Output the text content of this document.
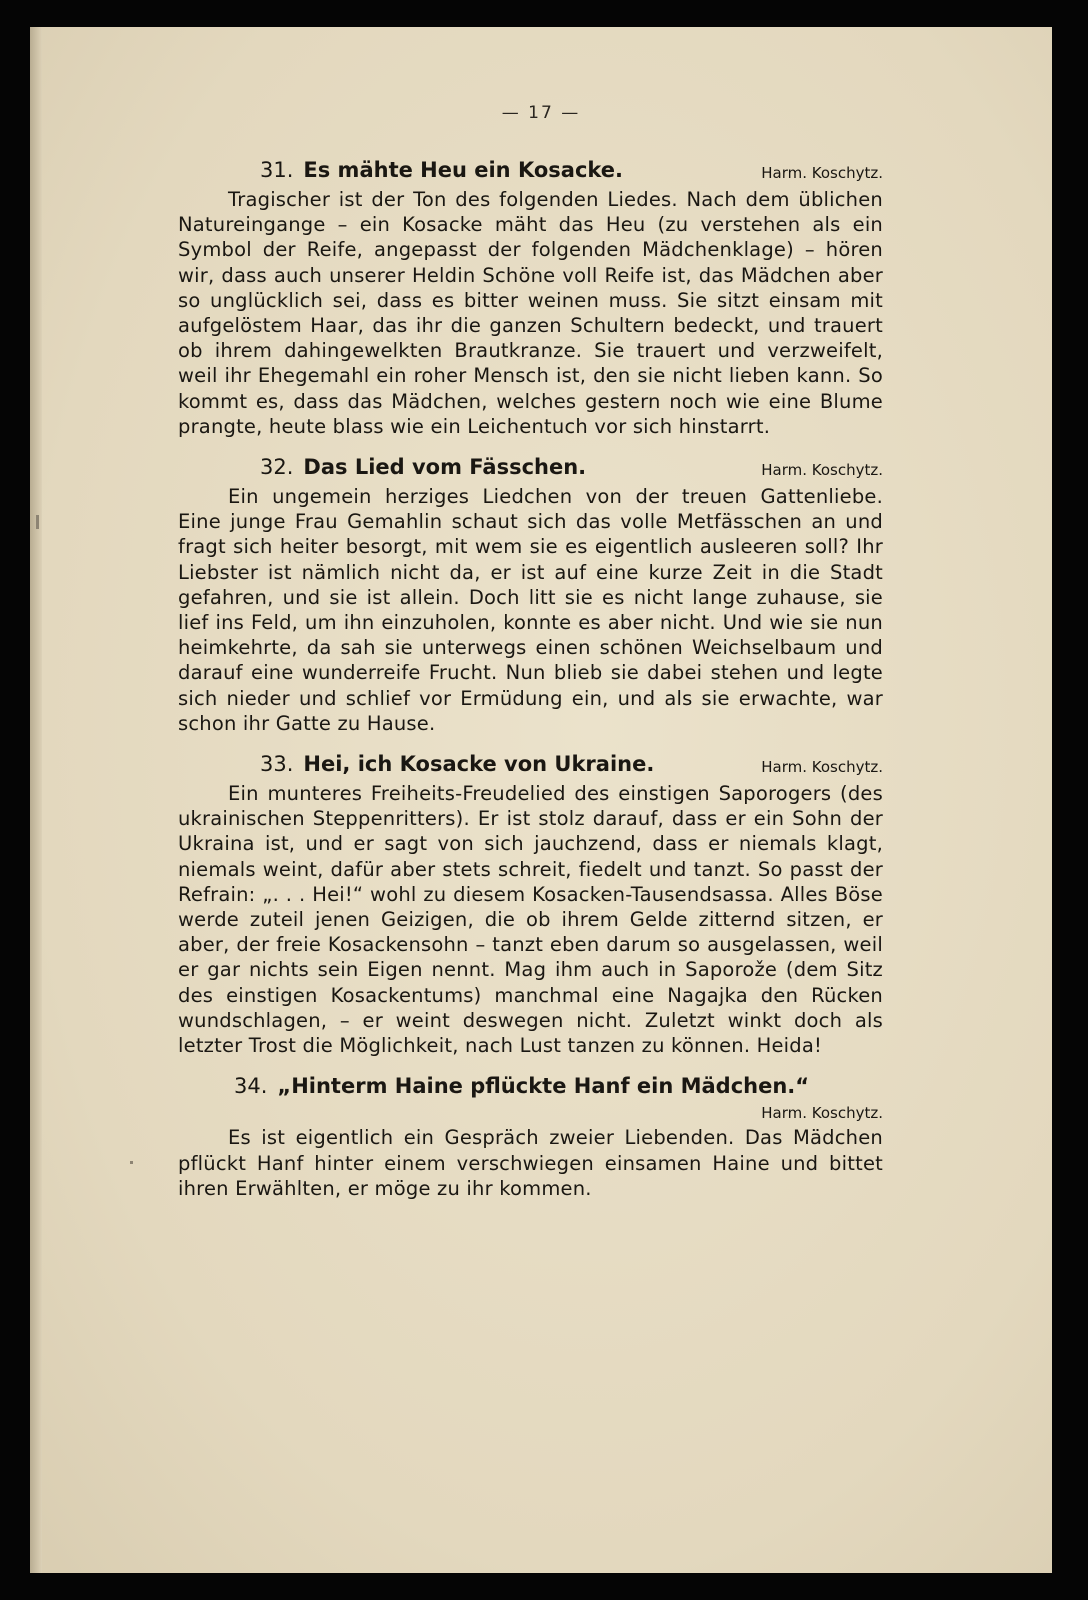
— 17 —
31. Es mähte Heu ein Kosacke.	Harm. Koschytz.

Tragischer ist der Ton des folgenden Liedes. Nach dem üblichen Natureingange – ein Kosacke mäht das Heu (zu verstehen als ein Symbol der Reife, angepasst der folgenden Mädchenklage) – hören wir, dass auch unserer Heldin Schöne voll Reife ist, das Mädchen aber so unglücklich sei, dass es bitter weinen muss. Sie sitzt einsam mit aufgelöstem Haar, das ihr die ganzen Schultern bedeckt, und trauert ob ihrem dahingewelkten Brautkranze. Sie trauert und verzweifelt, weil ihr Ehegemahl ein roher Mensch ist, den sie nicht lieben kann. So kommt es, dass das Mädchen, welches gestern noch wie eine Blume prangte, heute blass wie ein Leichentuch vor sich hinstarrt.

32. Das Lied vom Fässchen.	Harm. Koschytz.

Ein ungemein herziges Liedchen von der treuen Gattenliebe. Eine junge Frau Gemahlin schaut sich das volle Metfässchen an und fragt sich heiter besorgt, mit wem sie es eigentlich ausleeren soll? Ihr Liebster ist nämlich nicht da, er ist auf eine kurze Zeit in die Stadt gefahren, und sie ist allein. Doch litt sie es nicht lange zuhause, sie lief ins Feld, um ihn einzuholen, konnte es aber nicht. Und wie sie nun heimkehrte, da sah sie unterwegs einen schönen Weichselbaum und darauf eine wunderreife Frucht. Nun blieb sie dabei stehen und legte sich nieder und schlief vor Ermüdung ein, und als sie erwachte, war schon ihr Gatte zu Hause.

33. Hei, ich Kosacke von Ukraine.	Harm. Koschytz.

Ein munteres Freiheits-Freudelied des einstigen Saporogers (des ukrainischen Steppenritters). Er ist stolz darauf, dass er ein Sohn der Ukraina ist, und er sagt von sich jauchzend, dass er niemals klagt, niemals weint, dafür aber stets schreit, fiedelt und tanzt. So passt der Refrain: „. . . Hei!“ wohl zu diesem Kosacken-Tausendsassa. Alles Böse werde zuteil jenen Geizigen, die ob ihrem Gelde zitternd sitzen, er aber, der freie Kosackensohn – tanzt eben darum so ausgelassen, weil er gar nichts sein Eigen nennt. Mag ihm auch in Saporože (dem Sitz des einstigen Kosackentums) manchmal eine Nagajka den Rücken wundschlagen, – er weint deswegen nicht. Zuletzt winkt doch als letzter Trost die Möglichkeit, nach Lust tanzen zu können. Heida!

34. „Hinterm Haine pflückte Hanf ein Mädchen.“
Harm. Koschytz.

Es ist eigentlich ein Gespräch zweier Liebenden. Das Mädchen pflückt Hanf hinter einem verschwiegen einsamen Haine und bittet ihren Erwählten, er möge zu ihr kommen.
